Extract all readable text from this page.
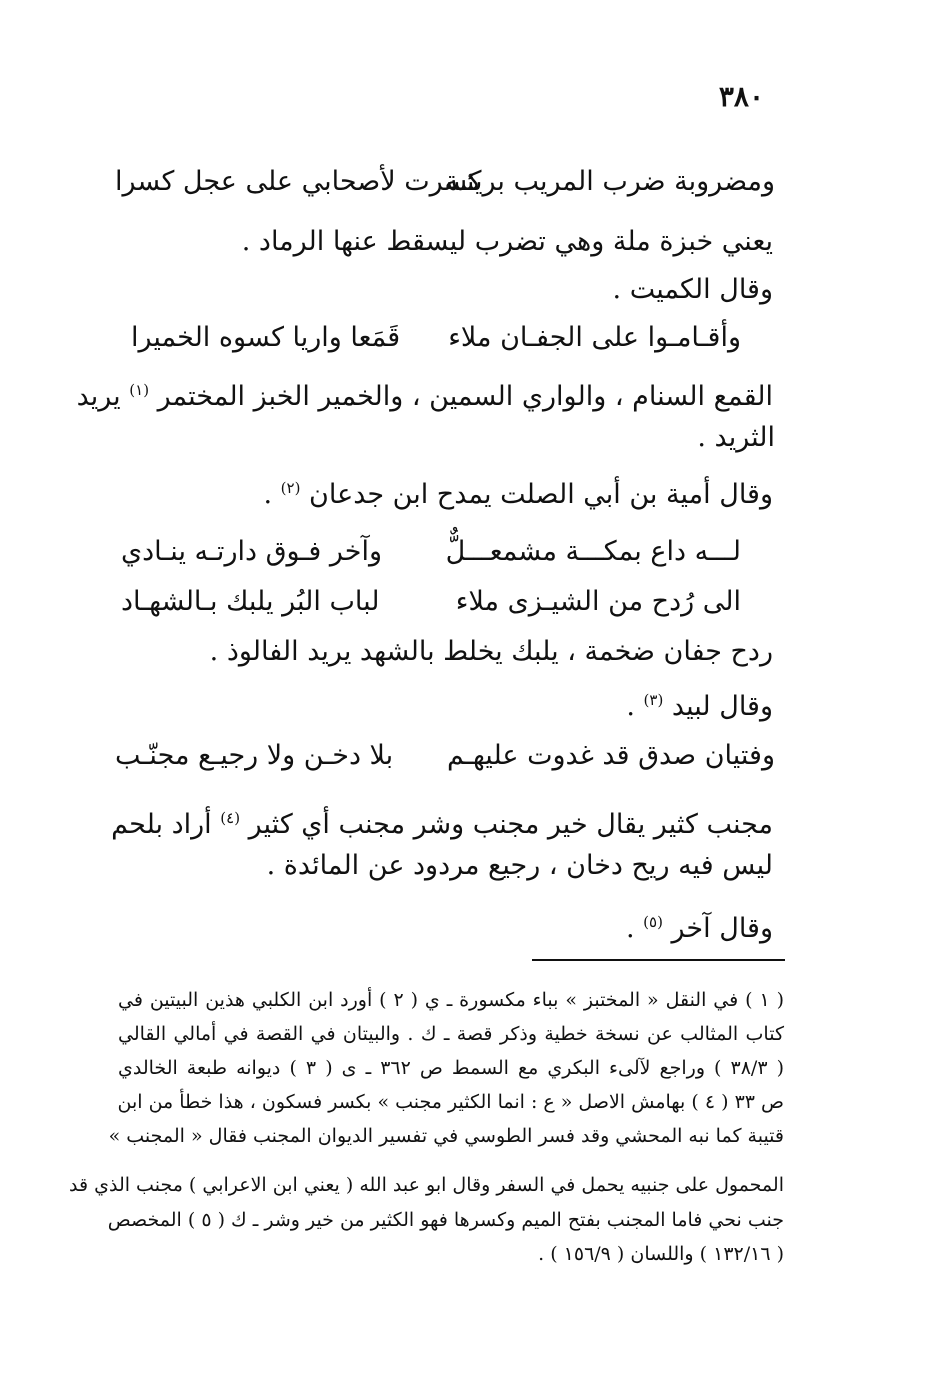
٣٨٠
ومضروبة ضرب المريب بريئـة
كسرت لأصحابي على عجل كسرا
يعني خبزة ملة وهي تضرب ليسقط عنها الرماد .
وقال الكميت .
وأقـامـوا على الجفـان ملاء
قَمَعا واريا كسوه الخميرا
القمع السنام ، والواري السمين ، والخمير الخبز المختمر $^{(١)}$ يريد
الثريد .
وقال أمية بن أبي الصلت يمدح ابن جدعان $^{(٢)}$ .
لـــه داع بمكـــة مشمعـــلٌّ
وآخر فـوق دارتـه ينـادي
الى رُدح من الشيـزى ملاء
لباب البُر يلبك بـالشهـاد
ردح جفان ضخمة ، يلبك يخلط بالشهد يريد الفالوذ .
وقال لبيد $^{(٣)}$ .
وفتيان صدق قد غدوت عليهـم
بلا دخـن ولا رجيـع مجنّـب
مجنب كثير يقال خير مجنب وشر مجنب أي كثير $^{(٤)}$ أراد بلحم
ليس فيه ريح دخان ، رجيع مردود عن المائدة .
وقال آخر $^{(٥)}$ .
( ١ ) في النقل « المختبز » بباء مكسورة ـ ي ( ٢ ) أورد ابن الكلبي هذين البيتين في
كتاب المثالب عن نسخة خطية وذكر قصة ـ ك . والبيتان في القصة في أمالي القالي
( ٣٨/٣ ) وراجع لآلىء البكري مع السمط ص ٣٦٢ ـ ى ( ٣ ) ديوانه طبعة الخالدي
ص ٣٣ ( ٤ ) بهامش الاصل « ع : انما الكثير مجنب » بكسر فسكون ، هذا خطأ من ابن
قتيبة كما نبه المحشي وقد فسر الطوسي في تفسير الديوان المجنب فقال « المجنب »
المحمول على جنبيه يحمل في السفر وقال ابو عبد الله ( يعني ابن الاعرابي ) مجنب الذي قد
جنب نحي فاما المجنب بفتح الميم وكسرها فهو الكثير من خير وشر ـ ك ( ٥ ) المخصص
( ١٣٢/١٦ ) واللسان ( ١٥٦/٩ ) .
